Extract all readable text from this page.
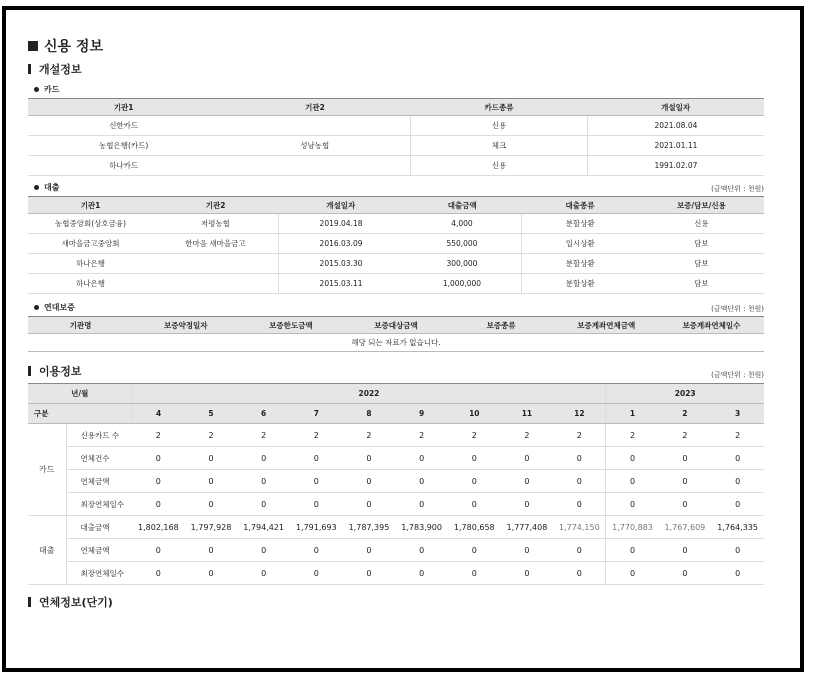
신용 정보
개설정보
카드
기관1	기관2	카드종류	개설일자
신한카드		신용	2021.08.04
농협은행(카드)	성남농협	체크	2021.01.11
하나카드		신용	1991.02.07
대출	(금액단위 : 천원)
기관1	기관2	개설일자	대출금액	대출종류	보증/담보/신용
농협중앙회(상호금융)	저평농협	2019.04.18	4,000	분할상환	신용
새마을금고중앙회	한마음 새마을금고	2016.03.09	550,000	일시상환	담보
하나은행		2015.03.30	300,000	분할상환	담보
하나은행		2015.03.11	1,000,000	분할상환	담보
연대보증	(금액단위 : 천원)
기관명	보증약정일자	보증한도금액	보증대상금액	보증종류	보증계좌연체금액	보증계좌연체일수
해당 되는 자료가 없습니다.
이용정보	(금액단위 : 천원)
년/월		2022									2023		
구분		4	5	6	7	8	9	10	11	12	1	2	3
카드	신용카드 수	2	2	2	2	2	2	2	2	2	2	2	2
	연체건수	0	0	0	0	0	0	0	0	0	0	0	0
	연체금액	0	0	0	0	0	0	0	0	0	0	0	0
	최장연체일수	0	0	0	0	0	0	0	0	0	0	0	0
대출	대출금액	1,802,168	1,797,928	1,794,421	1,791,693	1,787,395	1,783,900	1,780,658	1,777,408	1,774,150	1,770,883	1,767,609	1,764,335
	연체금액	0	0	0	0	0	0	0	0	0	0	0	0
	최장연체일수	0	0	0	0	0	0	0	0	0	0	0	0
연체정보(단기)
